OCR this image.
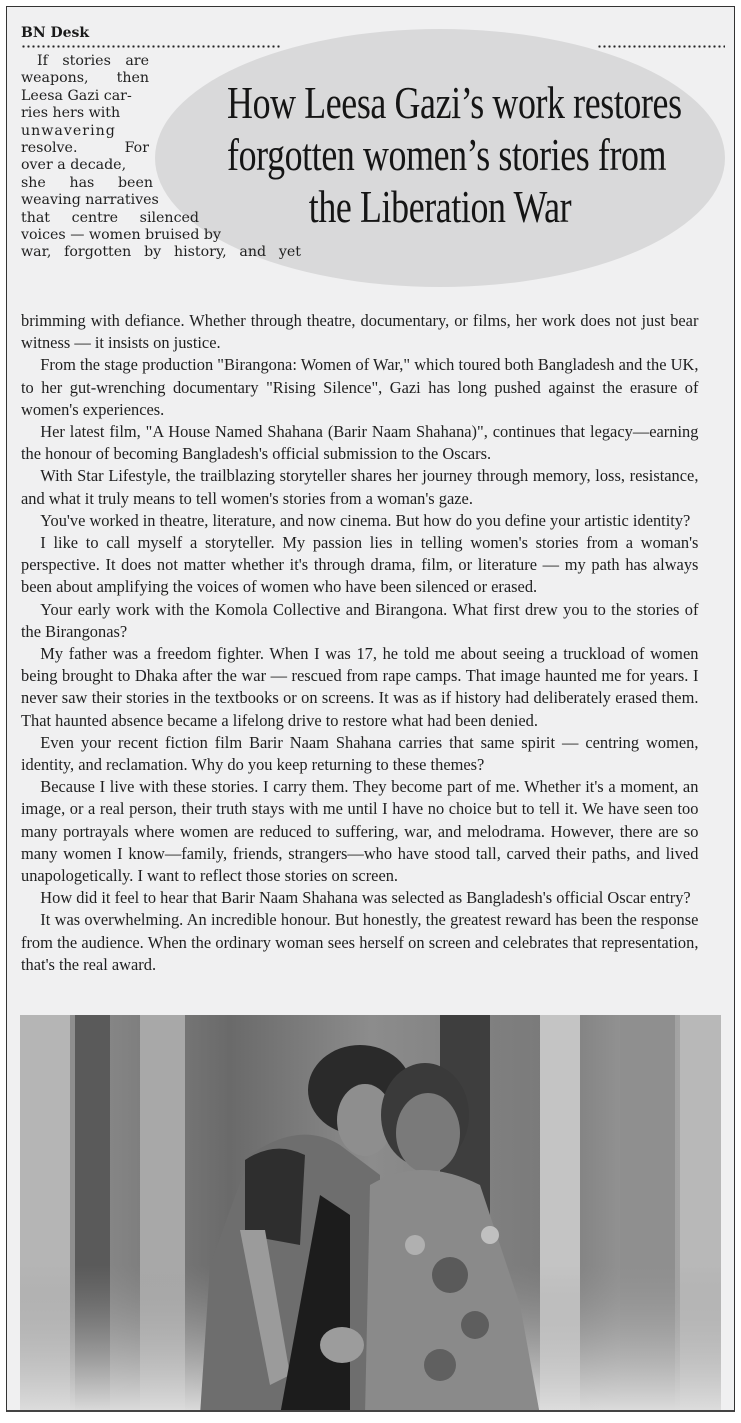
BN Desk
How Leesa Gazi’s work restores
forgotten women’s stories from
the Liberation War
If stories are
weapons, then
Leesa Gazi car-
ries hers with
unwavering
resolve. For
over a decade,
she has been
weaving narratives
that centre silenced
voices — women bruised by
war, forgotten by history, and yet

brimming with defiance. Whether through theatre, documentary, or films, her work does not just bear witness — it insists on justice.

From the stage production "Birangona: Women of War," which toured both Bangladesh and the UK, to her gut-wrenching documentary "Rising Silence", Gazi has long pushed against the erasure of women's experiences.

Her latest film, "A House Named Shahana (Barir Naam Shahana)", continues that legacy—earning the honour of becoming Bangladesh's official submission to the Oscars.

With Star Lifestyle, the trailblazing storyteller shares her journey through memory, loss, resistance, and what it truly means to tell women's stories from a woman's gaze.

You've worked in theatre, literature, and now cinema. But how do you define your artistic identity?

I like to call myself a storyteller. My passion lies in telling women's stories from a woman's perspective. It does not matter whether it's through drama, film, or literature — my path has always been about amplifying the voices of women who have been silenced or erased.

Your early work with the Komola Collective and Birangona. What first drew you to the stories of the Birangonas?

My father was a freedom fighter. When I was 17, he told me about seeing a truckload of women being brought to Dhaka after the war — rescued from rape camps. That image haunted me for years. I never saw their stories in the textbooks or on screens. It was as if history had deliberately erased them. That haunted absence became a lifelong drive to restore what had been denied.

Even your recent fiction film Barir Naam Shahana carries that same spirit — centring women, identity, and reclamation. Why do you keep returning to these themes?

Because I live with these stories. I carry them. They become part of me. Whether it's a moment, an image, or a real person, their truth stays with me until I have no choice but to tell it. We have seen too many portrayals where women are reduced to suffering, war, and melodrama. However, there are so many women I know—family, friends, strangers—who have stood tall, carved their paths, and lived unapologetically. I want to reflect those stories on screen.

How did it feel to hear that Barir Naam Shahana was selected as Bangladesh's official Oscar entry?

It was overwhelming. An incredible honour. But honestly, the greatest reward has been the response from the audience. When the ordinary woman sees herself on screen and celebrates that representation, that's the real award.
